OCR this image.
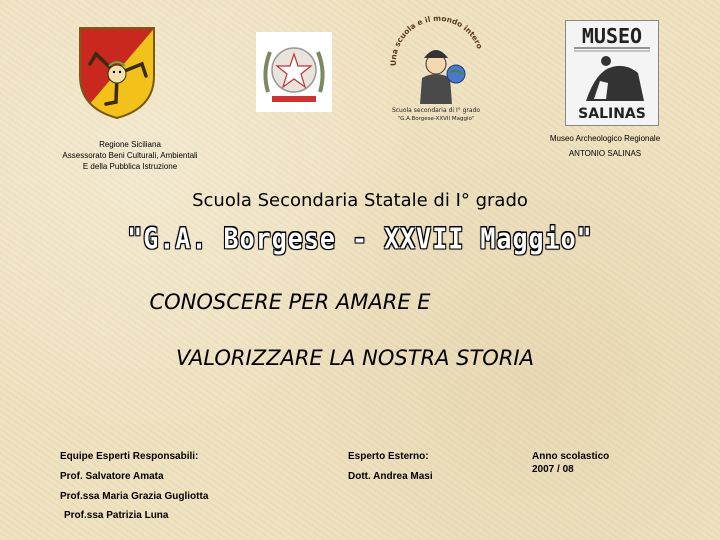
Una scuola e il mondo intero
Scuola secondaria di I° grado
"G.A.Borgese-XXVII Maggio"
MUSEO
SALINAS
Regione Siciliana
Assessorato Beni Culturali, Ambientali
E della Pubblica Istruzione
Museo Archeologico Regionale
ANTONIO SALINAS
Scuola Secondaria Statale di I° grado
"G.A. Borgese - XXVII Maggio"
CONOSCERE PER AMARE E
VALORIZZARE LA NOSTRA STORIA
Equipe Esperti Responsabili:
Prof. Salvatore Amata
Prof.ssa Maria Grazia Gugliotta
Prof.ssa Patrizia Luna
Esperto Esterno:
Dott. Andrea Masi
Anno scolastico
2007 / 08
